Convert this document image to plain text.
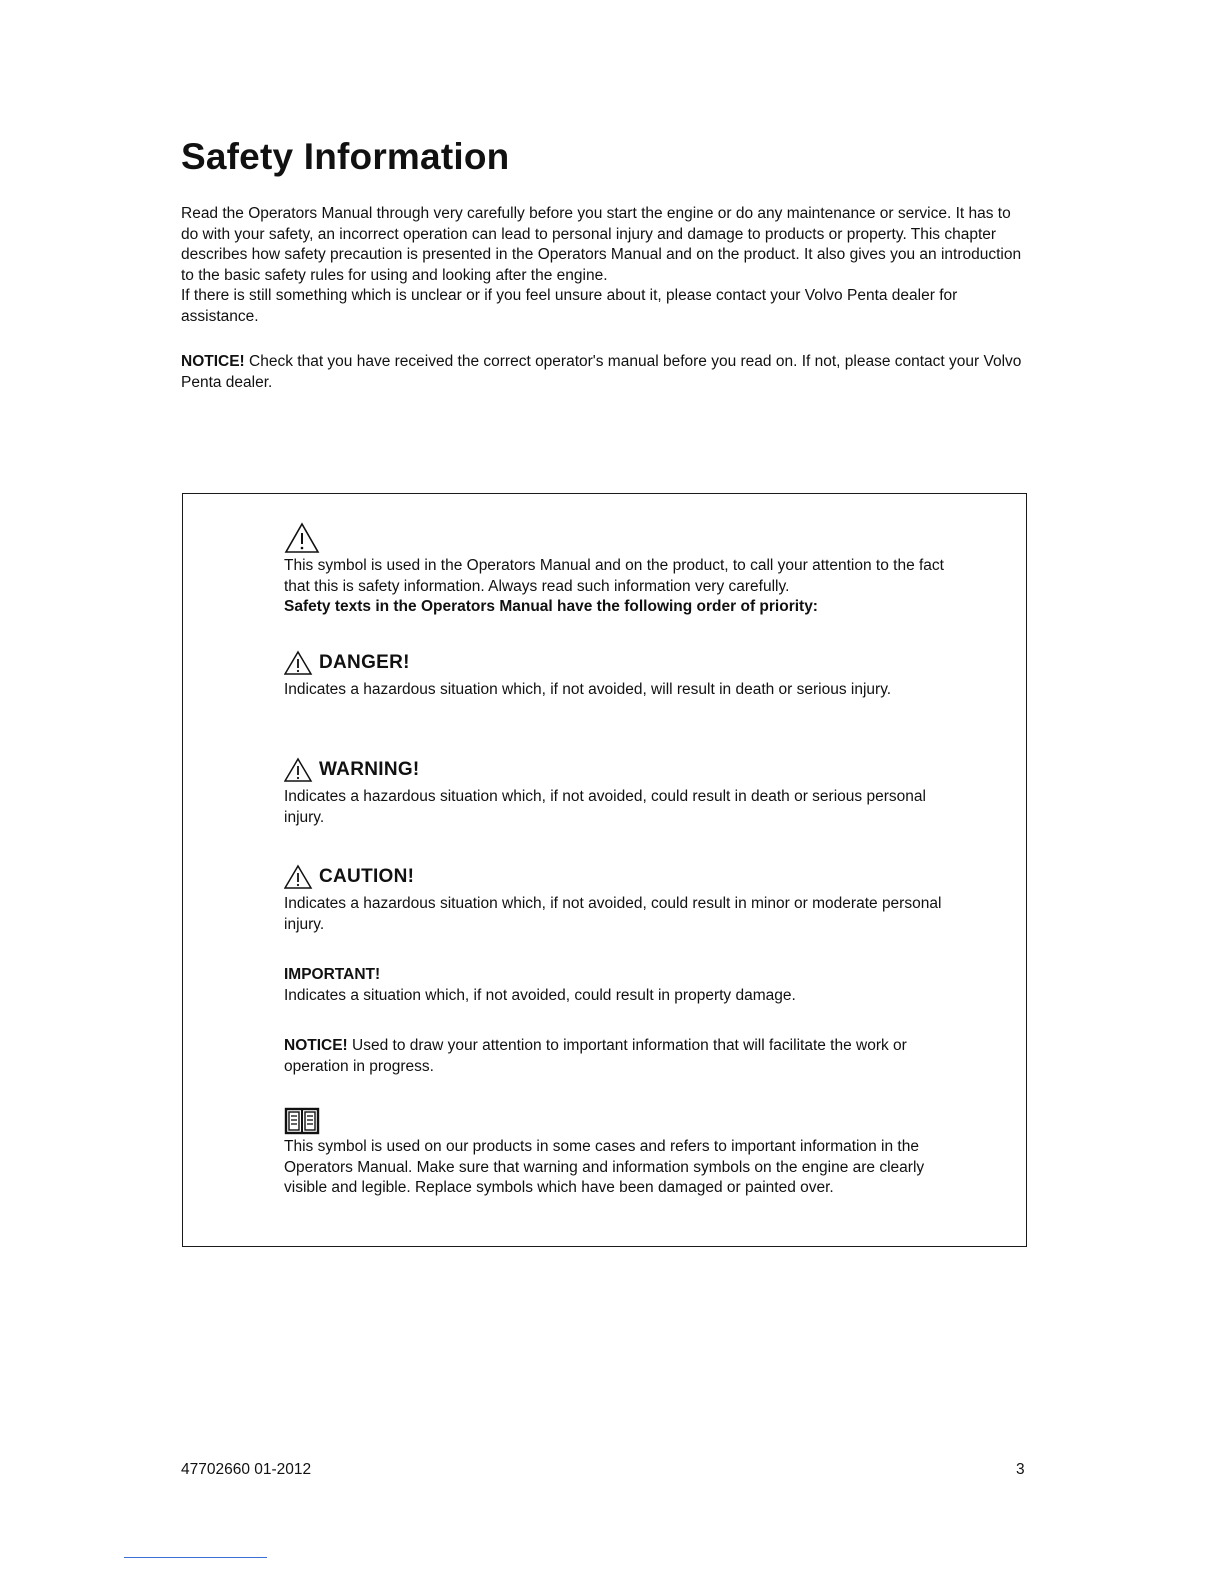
Safety Information

Read the Operators Manual through very carefully before you start the engine or do any maintenance or service. It has to do with your safety, an incorrect operation can lead to personal injury and damage to products or property. This chapter describes how safety precaution is presented in the Operators Manual and on the product. It also gives you an introduction to the basic safety rules for using and looking after the engine.

If there is still something which is unclear or if you feel unsure about it, please contact your Volvo Penta dealer for assistance.

NOTICE! Check that you have received the correct operator's manual before you read on. If not, please contact your Volvo Penta dealer.

This symbol is used in the Operators Manual and on the product, to call your attention to the fact that this is safety information. Always read such information very carefully.

Safety texts in the Operators Manual have the following order of priority:

DANGER!

Indicates a hazardous situation which, if not avoided, will result in death or serious injury.

WARNING!

Indicates a hazardous situation which, if not avoided, could result in death or serious personal injury.

CAUTION!

Indicates a hazardous situation which, if not avoided, could result in minor or moderate personal injury.

IMPORTANT!

Indicates a situation which, if not avoided, could result in property damage.

NOTICE! Used to draw your attention to important information that will facilitate the work or operation in progress.

This symbol is used on our products in some cases and refers to important information in the Operators Manual. Make sure that warning and information symbols on the engine are clearly visible and legible. Replace symbols which have been damaged or painted over.

47702660 01-2012	3
